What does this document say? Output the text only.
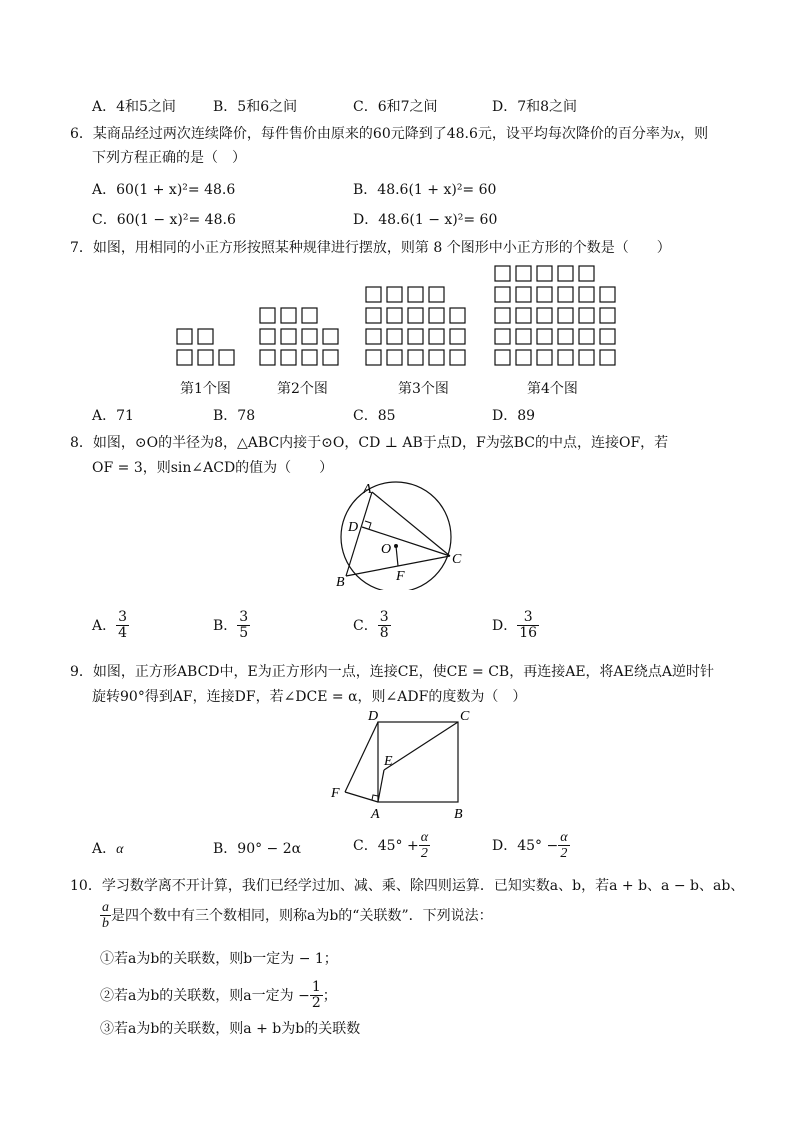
A．4和5之间	B．5和6之间	C．6和7之间	D．7和8之间
6．某商品经过两次连续降价，每件售价由原来的60元降到了48.6元，设平均每次降价的百分率为x，则
下列方程正确的是（　）
A．60(1 + x)²= 48.6	B．48.6(1 + x)²= 60
C．60(1 − x)²= 48.6	D．48.6(1 − x)²= 60
7．如图，用相同的小正方形按照某种规律进行摆放，则第 8 个图形中小正方形的个数是（　　）
第1个图	第2个图	第3个图	第4个图
A．71	B．78	C．85	D．89
8．如图，⊙O的半径为8，△ABC内接于⊙O，CD ⊥ AB于点D，F为弦BC的中点，连接OF，若
OF = 3，则sin∠ACD的值为（　　）
A
B
C
D
O
F
A． $\frac{3}{4}$	B． $\frac{3}{5}$	C． $\frac{3}{8}$	D． $\frac{3}{16}$
9．如图，正方形ABCD中，E为正方形内一点，连接CE，使CE = CB，再连接AE，将AE绕点A逆时针
旋转90°得到AF，连接DF，若∠DCE = α，则∠ADF的度数为（　）
D	C
E
F
A	B
A．α	B．90° − 2α	C．$45^\circ + \frac{\alpha}{2}$	D．$45^\circ - \frac{\alpha}{2}$
10．学习数学离不开计算，我们已经学过加、减、乘、除四则运算．已知实数a、b，若a + b、a − b、ab、
$\frac{a}{b}$ 是四个数中有三个数相同，则称a为b的“关联数”．下列说法：
①若a为b的关联数，则b一定为 − 1；
②若a为b的关联数，则a一定为 − $\frac{1}{2}$ ；
③若a为b的关联数，则a + b为b的关联数
